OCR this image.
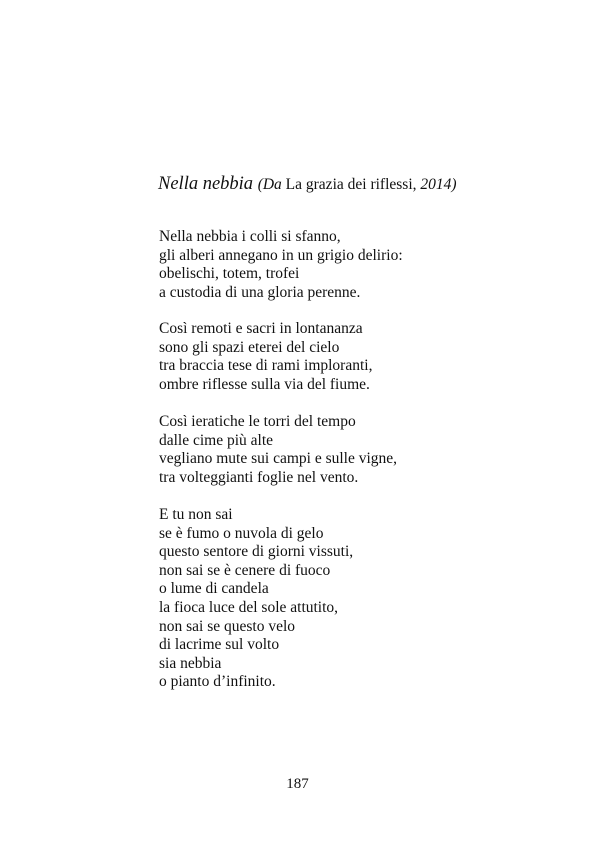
Nella nebbia (Da La grazia dei riflessi, 2014)
Nella nebbia i colli si sfanno,
gli alberi annegano in un grigio delirio:
obelischi, totem, trofei
a custodia di una gloria perenne.
Così remoti e sacri in lontananza
sono gli spazi eterei del cielo
tra braccia tese di rami imploranti,
ombre riflesse sulla via del fiume.
Così ieratiche le torri del tempo
dalle cime più alte
vegliano mute sui campi e sulle vigne,
tra volteggianti foglie nel vento.
E tu non sai
se è fumo o nuvola di gelo
questo sentore di giorni vissuti,
non sai se è cenere di fuoco
o lume di candela
la fioca luce del sole attutito,
non sai se questo velo
di lacrime sul volto
sia nebbia
o pianto d’infinito.
187
